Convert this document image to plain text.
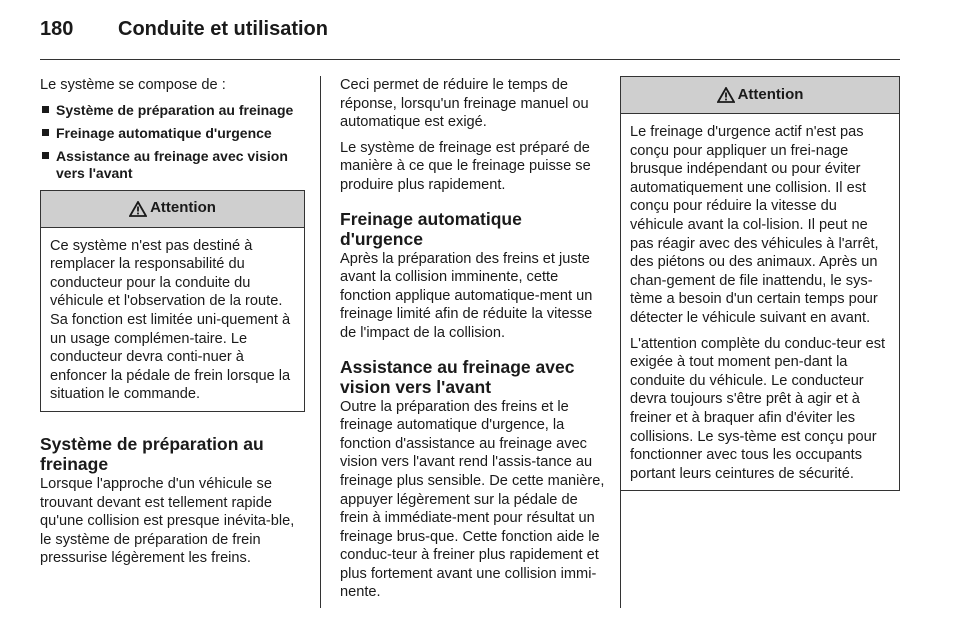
180	Conduite et utilisation

Le système se compose de :

Système de préparation au freinage
Freinage automatique d'urgence
Assistance au freinage avec vision vers l'avant
Attention
Ce système n'est pas destiné à remplacer la responsabilité du conducteur pour la conduite du véhicule et l'observation de la route. Sa fonction est limitée uni-quement à un usage complémen-taire. Le conducteur devra conti-nuer à enfoncer la pédale de frein lorsque la situation le commande.
Système de préparation au freinage

Lorsque l'approche d'un véhicule se trouvant devant est tellement rapide qu'une collision est presque inévita-ble, le système de préparation de frein pressurise légèrement les freins.

Ceci permet de réduire le temps de réponse, lorsqu'un freinage manuel ou automatique est exigé.

Le système de freinage est préparé de manière à ce que le freinage puisse se produire plus rapidement.

Freinage automatique d'urgence

Après la préparation des freins et juste avant la collision imminente, cette fonction applique automatique-ment un freinage limité afin de réduite la vitesse de l'impact de la collision.

Assistance au freinage avec vision vers l'avant

Outre la préparation des freins et le freinage automatique d'urgence, la fonction d'assistance au freinage avec vision vers l'avant rend l'assis-tance au freinage plus sensible. De cette manière, appuyer légèrement sur la pédale de frein à immédiate-ment pour résultat un freinage brus-que. Cette fonction aide le conduc-teur à freiner plus rapidement et plus fortement avant une collision immi-nente.

Attention

Le freinage d'urgence actif n'est pas conçu pour appliquer un frei-nage brusque indépendant ou pour éviter automatiquement une collision. Il est conçu pour réduire la vitesse du véhicule avant la col-lision. Il peut ne pas réagir avec des véhicules à l'arrêt, des piétons ou des animaux. Après un chan-gement de file inattendu, le sys-tème a besoin d'un certain temps pour détecter le véhicule suivant en avant.

L'attention complète du conduc-teur est exigée à tout moment pen-dant la conduite du véhicule. Le conducteur devra toujours s'être prêt à agir et à freiner et à braquer afin d'éviter les collisions. Le sys-tème est conçu pour fonctionner avec tous les occupants portant leurs ceintures de sécurité.
